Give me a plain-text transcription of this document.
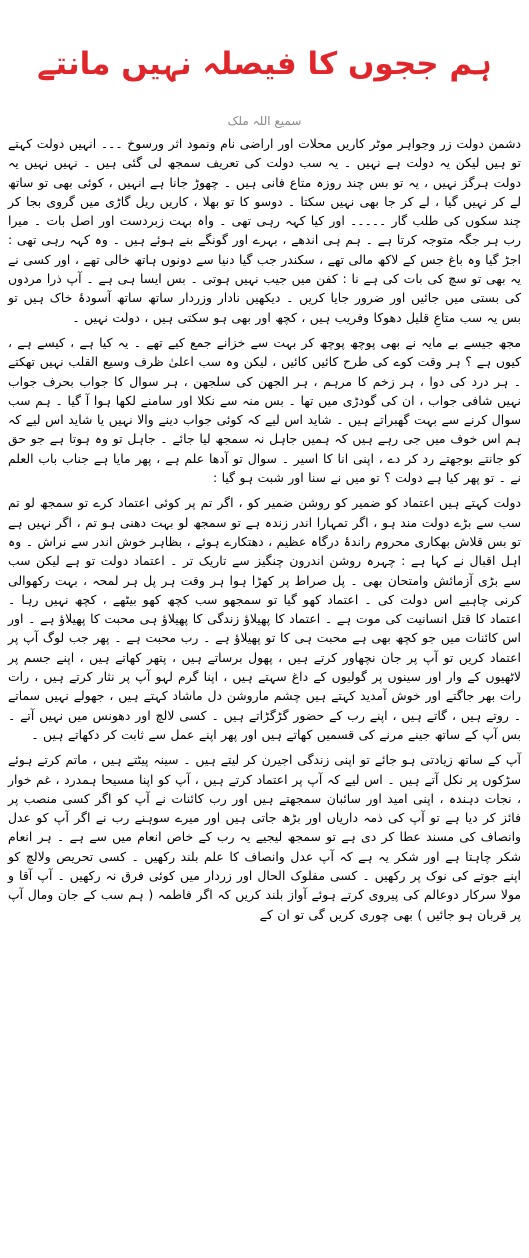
ہم ججوں کا فیصلہ نہیں مانتے
سمیع اللہ ملک

دشمن دولت زر وجواہر موٹر کاریں محلات اور اراضی نام ونمود اثر ورسوخ ۔۔۔ انہیں دولت کہتے تو ہیں لیکن یہ دولت ہے نہیں ۔ یہ سب دولت کی تعریف سمجھ لی گئی ہیں ۔ نہیں نہیں یہ دولت ہرگز نہیں ، یہ تو بس چند روزہ متاع فانی ہیں ۔ چھوڑ جانا ہے انہیں ، کوئی بھی تو ساتھ لے کر نہیں گیا ، لے کر جا بھی نہیں سکتا ۔ دوسو کا تو بھلا ، کاریں ریل گاڑی میں گروی بجا کر چند سکوں کی طلب گار ۔۔۔۔۔ اور کیا کہہ رہی تھی ۔ واہ بہت زبردست اور اصل بات ۔ میرا رب ہر جگہ متوجہ کرتا ہے ۔ ہم ہی اندھے ، بہرے اور گونگے بنے ہوئے ہیں ۔ وہ کہہ رہی تھی : اجڑ گیا وہ باغ جس کے لاکھ مالی تھے ، سکندر جب گیا دنیا سے دونوں ہاتھ خالی تھے ، اور کسی نے یہ بھی تو سچ کی بات کی ہے نا : کفن میں جیب نہیں ہوتی ۔ بس ایسا ہی ہے ۔ آپ ذرا مردوں کی بستی میں جائیں اور ضرور جایا کریں ۔ دیکھیں نادار وزردار ساتھ ساتھ آسودۂ خاک ہیں تو بس یہ سب متاعِ قلیل دھوکا وفریب ہیں ، کچھ اور بھی ہو سکتی ہیں ، دولت نہیں ۔

مجھ جیسے بے مایہ نے بھی پوچھ پوچھ کر بہت سے خزانے جمع کیے تھے ۔ یہ کیا ہے ، کیسے ہے ، کیوں ہے ؟ ہر وقت کوے کی طرح کائیں کائیں ، لیکن وہ سب اعلیٰ ظرف وسیع القلب نہیں تھکتے ۔ ہر درد کی دوا ، ہر زخم کا مرہم ، ہر الجھن کی سلجھن ، ہر سوال کا جواب بحرف جواب نہیں شافی جواب ، ان کی گودڑی میں تھا ۔ بس منہ سے نکلا اور سامنے لکھا ہوا آ گیا ۔ ہم سب سوال کرنے سے بہت گھبراتے ہیں ۔ شاید اس لیے کہ کوئی جواب دینے والا نہیں یا شاید اس لیے کہ ہم اس خوف میں جی رہے ہیں کہ ہمیں جاہل نہ سمجھ لیا جائے ۔ جاہل تو وہ ہوتا ہے جو حق کو جانتے بوجھتے رد کر دے ، اپنی انا کا اسیر ۔ سوال تو آدھا علم ہے ، پھر مایا ہے جناب باب العلم نے ۔ تو پھر کیا ہے دولت ؟ تو میں نے سنا اور شبت ہو گیا :

دولت کہتے ہیں اعتماد کو ضمیر کو روشن ضمیر کو ، اگر تم پر کوئی اعتماد کرے تو سمجھ لو تم سب سے بڑے دولت مند ہو ، اگر تمہارا اندر زندہ ہے تو سمجھ لو بہت دھنی ہو تم ، اگر نہیں ہے تو بس قلاش بھکاری محروم راندۂ درگاہ عظیم ، دھتکارے ہوئے ، بظاہر خوش اندر سے نراش ۔ وہ اہل اقبال نے کہا ہے : چہرہ روشن اندرون چنگیز سے تاریک تر ۔ اعتماد دولت تو ہے لیکن سب سے بڑی آزمائش وامتحان بھی ۔ پل صراط پر کھڑا ہوا ہر وقت ہر پل ہر لمحہ ، بہت رکھوالی کرنی چاہیے اس دولت کی ۔ اعتماد کھو گیا تو سمجھو سب کچھ کھو بیٹھے ، کچھ نہیں رہا ۔ اعتماد کا قتل انسانیت کی موت ہے ۔ اعتماد کا پھیلاؤ زندگی کا پھیلاؤ ہی محبت کا پھیلاؤ ہے ۔ اور اس کائنات میں جو کچھ بھی ہے محبت ہی کا تو پھیلاؤ ہے ۔ رب محبت ہے ۔ پھر جب لوگ آپ پر اعتماد کریں تو آپ پر جان نچھاور کرتے ہیں ، پھول برساتے ہیں ، پتھر کھاتے ہیں ، اپنے جسم پر لاٹھیوں کے وار اور سینوں پر گولیوں کے داغ سہتے ہیں ، اپنا گرم لہو آپ پر نثار کرتے ہیں ، رات رات بھر جاگتے اور خوش آمدید کہتے ہیں چشم ماروشن دل ماشاد کہتے ہیں ، جھولے نہیں سماتے ۔ روتے ہیں ، گاتے ہیں ، اپنے رب کے حضور گڑگڑاتے ہیں ۔ کسی لالچ اور دھونس میں نہیں آتے ۔ بس آپ کے ساتھ جینے مرنے کی قسمیں کھاتے ہیں اور پھر اپنے عمل سے ثابت کر دکھاتے ہیں ۔

آپ کے ساتھ زیادتی ہو جائے تو اپنی زندگی اجیرن کر لیتے ہیں ۔ سینہ پیٹتے ہیں ، ماتم کرتے ہوئے سڑکوں پر نکل آتے ہیں ۔ اس لیے کہ آپ پر اعتماد کرتے ہیں ، آپ کو اپنا مسیحا ہمدرد ، غم خوار ، نجات دہندہ ، اپنی امید اور سائبان سمجھتے ہیں اور رب کائنات نے آپ کو اگر کسی منصب پر فائز کر دیا ہے تو آپ کی ذمہ داریاں اور بڑھ جاتی ہیں اور میرے سوہنے رب نے اگر آپ کو عدل وانصاف کی مسند عطا کر دی ہے تو سمجھ لیجیے یہ رب کے خاص انعام میں سے ہے ۔ ہر انعام شکر چاہتا ہے اور شکر یہ ہے کہ آپ عدل وانصاف کا علم بلند رکھیں ۔ کسی تحریص ولالچ کو اپنے جوتے کی نوک پر رکھیں ۔ کسی مفلوک الحال اور زردار میں کوئی فرق نہ رکھیں ۔ آپ آقا و مولا سرکار دوعالم کی پیروی کرتے ہوئے آواز بلند کریں کہ اگر فاطمہ ( ہم سب کے جان ومال آپ پر قربان ہو جائیں ) بھی چوری کریں گی تو ان کے
